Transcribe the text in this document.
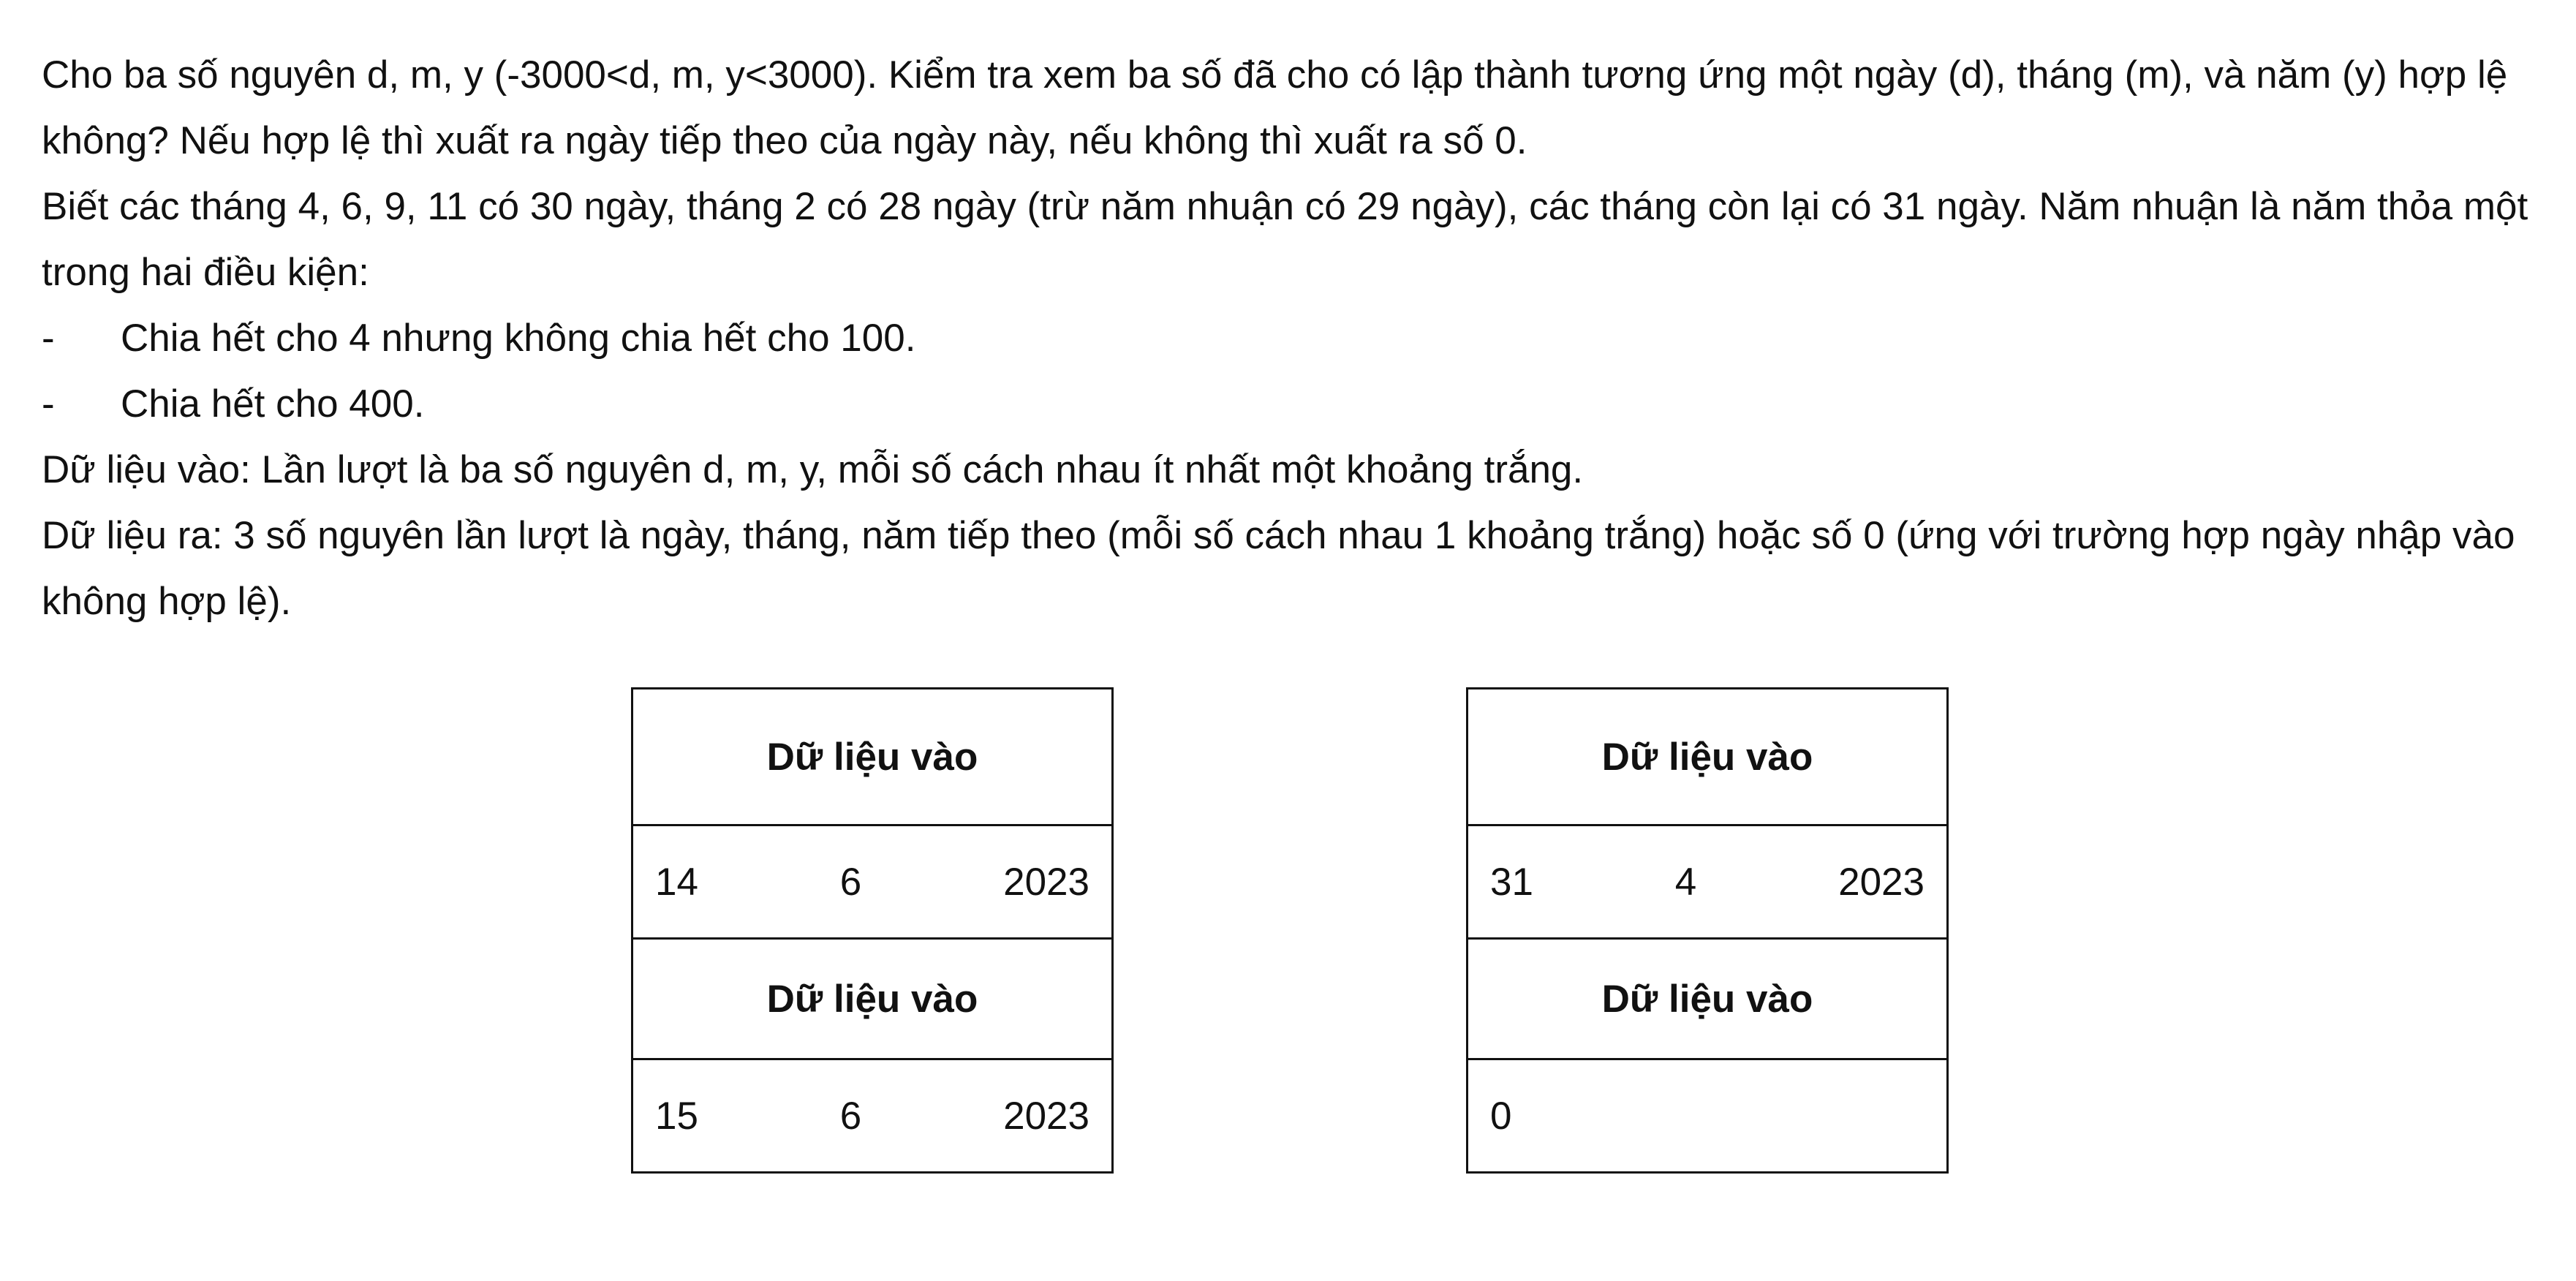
Cho ba số nguyên d, m, y (-3000<d, m, y<3000). Kiểm tra xem ba số đã cho có lập thành tương ứng một ngày (d), tháng (m), và năm (y) hợp lệ không? Nếu hợp lệ thì xuất ra ngày tiếp theo của ngày này, nếu không thì xuất ra số 0.

Biết các tháng 4, 6, 9, 11 có 30 ngày, tháng 2 có 28 ngày (trừ năm nhuận có 29 ngày), các tháng còn lại có 31 ngày. Năm nhuận là năm thỏa một trong hai điều kiện:

-	Chia hết cho 4 nhưng không chia hết cho 100.
-	Chia hết cho 400.

Dữ liệu vào: Lần lượt là ba số nguyên d, m, y, mỗi số cách nhau ít nhất một khoảng trắng.

Dữ liệu ra: 3 số nguyên lần lượt là ngày, tháng, năm tiếp theo (mỗi số cách nhau 1 khoảng trắng) hoặc số 0 (ứng với trường hợp ngày nhập vào không hợp lệ).

Dữ liệu vào

14	6	2023

Dữ liệu vào

15	6	2023
Dữ liệu vào

31	4	2023

Dữ liệu vào
0
